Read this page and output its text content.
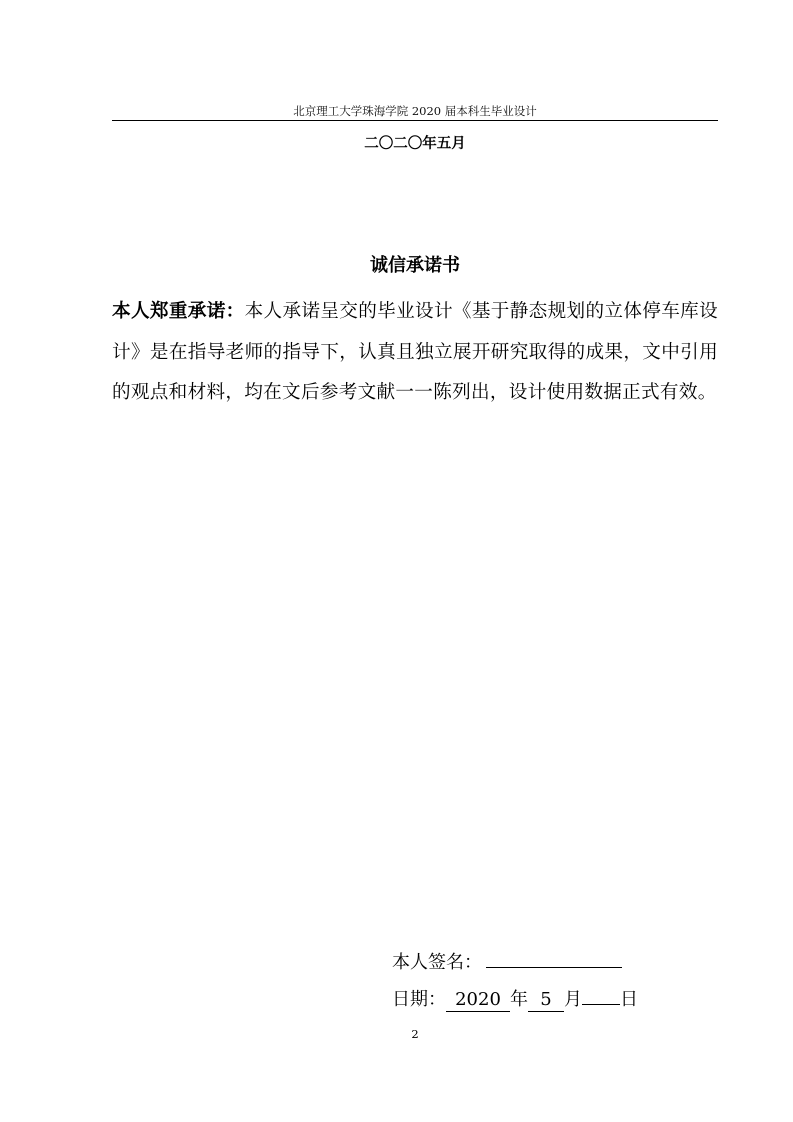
北京理工大学珠海学院 2020 届本科生毕业设计
二〇二〇年五月
诚信承诺书
本人郑重承诺：本人承诺呈交的毕业设计《基于静态规划的立体停车库设计》是在指导老师的指导下，认真且独立展开研究取得的成果，文中引用的观点和材料，均在文后参考文献一一陈列出，设计使用数据正式有效。
本人签名：
日期： 2020 年 5 月 日
2
